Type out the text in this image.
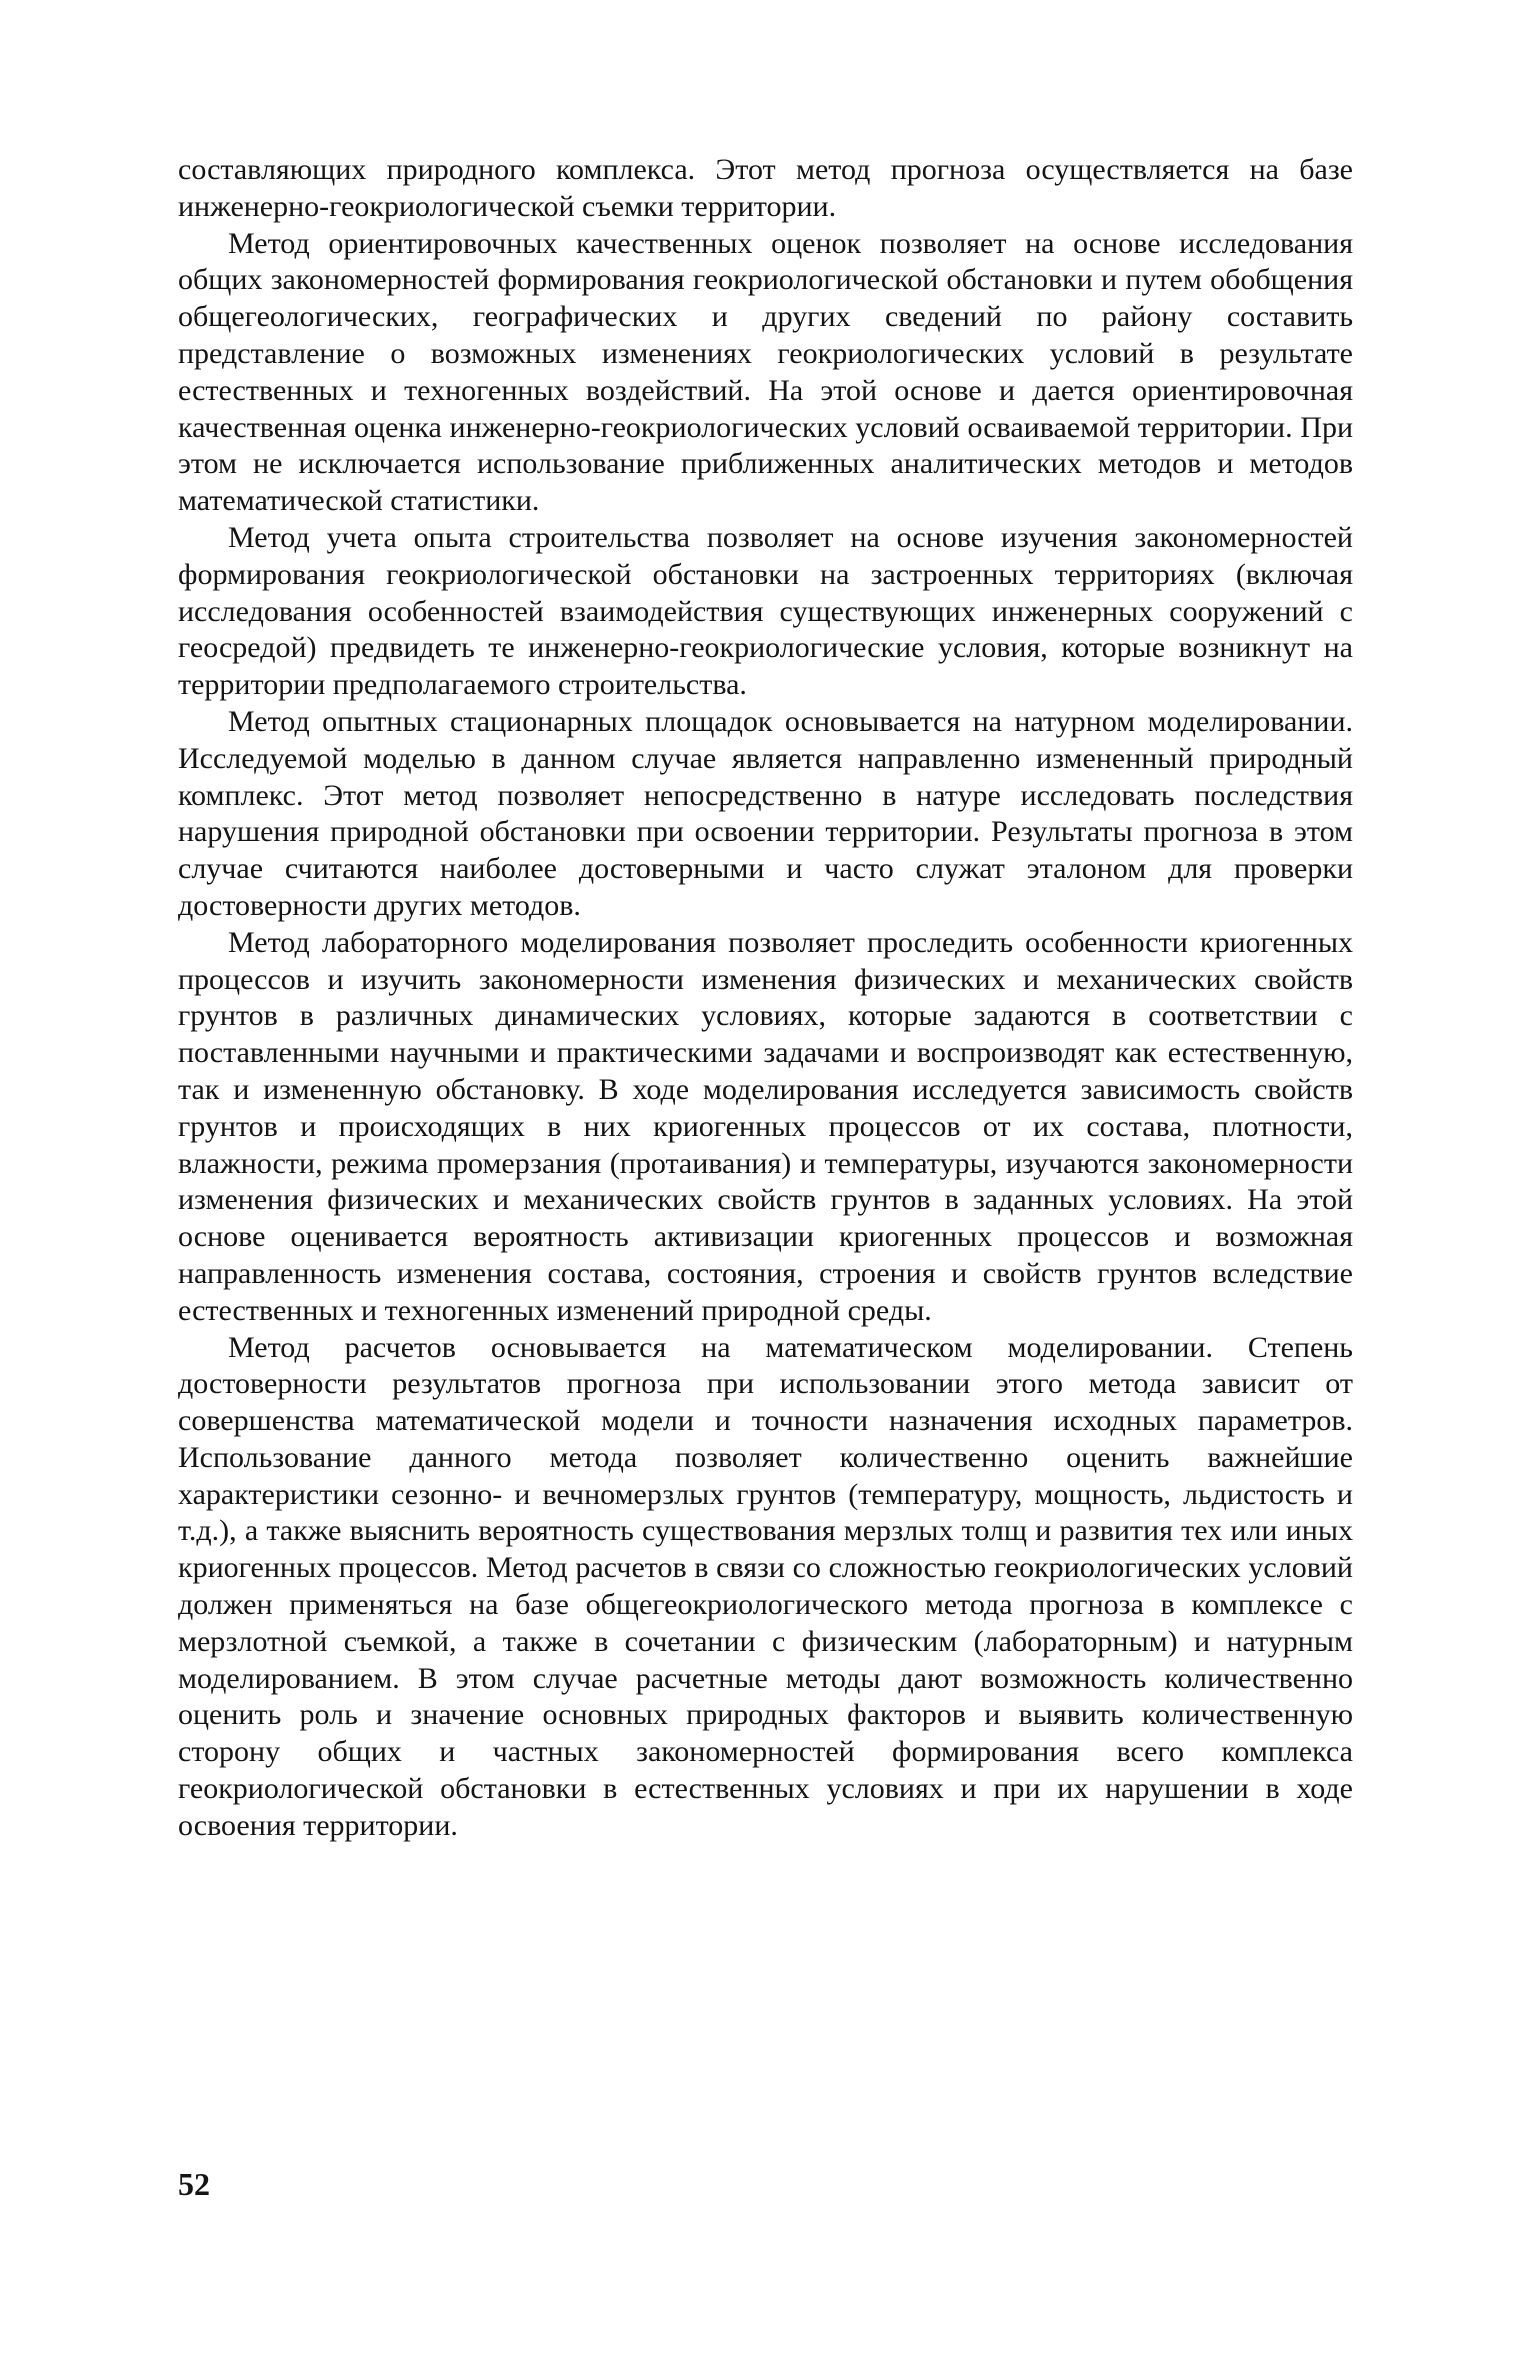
составляющих природного комплекса. Этот метод прогноза осуществляется на базе инженерно-геокриологической съемки территории.

Метод ориентировочных качественных оценок позволяет на основе исследования общих закономерностей формирования геокриологической обстановки и путем обобщения общегеологических, географических и других сведений по району составить представление о возможных изменениях геокриологических условий в результате естественных и техногенных воздействий. На этой основе и дается ориентировочная качественная оценка инженерно-геокриологических условий осваиваемой территории. При этом не исключается использование приближенных аналитических методов и методов математической статистики.

Метод учета опыта строительства позволяет на основе изучения закономерностей формирования геокриологической обстановки на застроенных территориях (включая исследования особенностей взаимодействия существующих инженерных сооружений с геосредой) предвидеть те инженерно-геокриологические условия, которые возникнут на территории предполагаемого строительства.

Метод опытных стационарных площадок основывается на натурном моделировании. Исследуемой моделью в данном случае является направленно измененный природный комплекс. Этот метод позволяет непосредственно в натуре исследовать последствия нарушения природной обстановки при освоении территории. Результаты прогноза в этом случае считаются наиболее достоверными и часто служат эталоном для проверки достоверности других методов.

Метод лабораторного моделирования позволяет проследить особенности криогенных процессов и изучить закономерности изменения физических и механических свойств грунтов в различных динамических условиях, которые задаются в соответствии с поставленными научными и практическими задачами и воспроизводят как естественную, так и измененную обстановку. В ходе моделирования исследуется зависимость свойств грунтов и происходящих в них криогенных процессов от их состава, плотности, влажности, режима промерзания (протаивания) и температуры, изучаются закономерности изменения физических и механических свойств грунтов в заданных условиях. На этой основе оценивается вероятность активизации криогенных процессов и возможная направленность изменения состава, состояния, строения и свойств грунтов вследствие естественных и техногенных изменений природной среды.

Метод расчетов основывается на математическом моделировании. Степень достоверности результатов прогноза при использовании этого метода зависит от совершенства математической модели и точности назначения исходных параметров. Использование данного метода позволяет количественно оценить важнейшие характеристики сезонно- и вечномерзлых грунтов (температуру, мощность, льдистость и т.д.), а также выяснить вероятность существования мерзлых толщ и развития тех или иных криогенных процессов. Метод расчетов в связи со сложностью геокриологических условий должен применяться на базе общегеокриологического метода прогноза в комплексе с мерзлотной съемкой, а также в сочетании с физическим (лабораторным) и натурным моделированием. В этом случае расчетные методы дают возможность количественно оценить роль и значение основных природных факторов и выявить количественную сторону общих и частных закономерностей формирования всего комплекса геокриологической обстановки в естественных условиях и при их нарушении в ходе освоения территории.

52
